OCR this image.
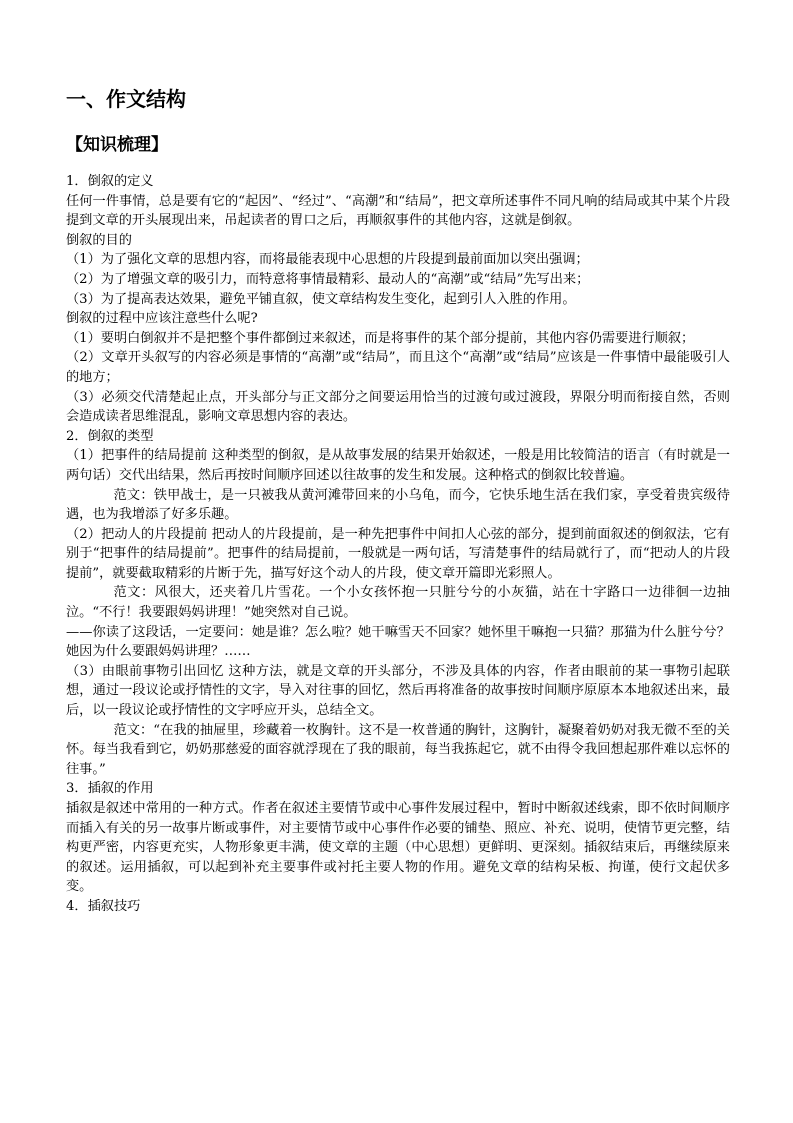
一、作文结构
【知识梳理】

1．倒叙的定义

任何一件事情，总是要有它的“起因”、“经过”、“高潮”和“结局”，把文章所述事件不同凡响的结局或其中某个片段提到文章的开头展现出来，吊起读者的胃口之后，再顺叙事件的其他内容，这就是倒叙。

倒叙的目的

（1）为了强化文章的思想内容，而将最能表现中心思想的片段提到最前面加以突出强调；

（2）为了增强文章的吸引力，而特意将事情最精彩、最动人的“高潮”或“结局”先写出来；

（3）为了提高表达效果，避免平铺直叙，使文章结构发生变化，起到引人入胜的作用。

倒叙的过程中应该注意些什么呢?

（1）要明白倒叙并不是把整个事件都倒过来叙述，而是将事件的某个部分提前，其他内容仍需要进行顺叙；

（2）文章开头叙写的内容必须是事情的“高潮”或“结局”，而且这个“高潮”或“结局”应该是一件事情中最能吸引人的地方；

（3）必须交代清楚起止点，开头部分与正文部分之间要运用恰当的过渡句或过渡段，界限分明而衔接自然，否则会造成读者思维混乱，影响文章思想内容的表达。

2．倒叙的类型

（1）把事件的结局提前 这种类型的倒叙，是从故事发展的结果开始叙述，一般是用比较简洁的语言（有时就是一两句话）交代出结果，然后再按时间顺序回述以往故事的发生和发展。这种格式的倒叙比较普遍。

范文：铁甲战士，是一只被我从黄河滩带回来的小乌龟，而今，它快乐地生活在我们家，享受着贵宾级待遇，也为我增添了好多乐趣。

（2）把动人的片段提前 把动人的片段提前，是一种先把事件中间扣人心弦的部分，提到前面叙述的倒叙法，它有别于“把事件的结局提前”。把事件的结局提前，一般就是一两句话，写清楚事件的结局就行了，而“把动人的片段提前”，就要截取精彩的片断于先，描写好这个动人的片段，使文章开篇即光彩照人。

范文：风很大，还夹着几片雪花。一个小女孩怀抱一只脏兮兮的小灰猫，站在十字路口一边徘徊一边抽泣。“不行！我要跟妈妈讲理！”她突然对自己说。

——你读了这段话，一定要问：她是谁？怎么啦？她干嘛雪天不回家？她怀里干嘛抱一只猫？那猫为什么脏兮兮？她因为什么要跟妈妈讲理？……

（3）由眼前事物引出回忆 这种方法，就是文章的开头部分，不涉及具体的内容，作者由眼前的某一事物引起联想，通过一段议论或抒情性的文字，导入对往事的回忆，然后再将准备的故事按时间顺序原原本本地叙述出来，最后，以一段议论或抒情性的文字呼应开头，总结全文。

范文：“在我的抽屉里，珍藏着一枚胸针。这不是一枚普通的胸针，这胸针，凝聚着奶奶对我无微不至的关怀。每当我看到它，奶奶那慈爱的面容就浮现在了我的眼前，每当我拣起它，就不由得令我回想起那件难以忘怀的往事。”

3．插叙的作用

插叙是叙述中常用的一种方式。作者在叙述主要情节或中心事件发展过程中，暂时中断叙述线索，即不依时间顺序而插入有关的另一故事片断或事件，对主要情节或中心事件作必要的铺垫、照应、补充、说明，使情节更完整，结构更严密，内容更充实，人物形象更丰满，使文章的主题（中心思想）更鲜明、更深刻。插叙结束后，再继续原来的叙述。运用插叙，可以起到补充主要事件或衬托主要人物的作用。避免文章的结构呆板、拘谨，使行文起伏多变。

4．插叙技巧
